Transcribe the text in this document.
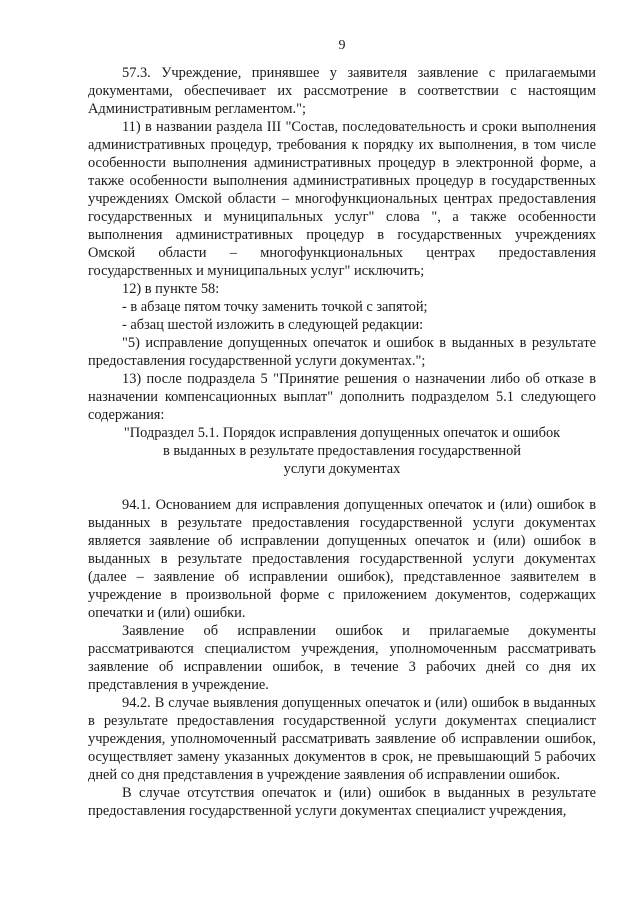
9

57.3. Учреждение, принявшее у заявителя заявление с прилагаемыми документами, обеспечивает их рассмотрение в соответствии с настоящим Административным регламентом.";

11) в названии раздела III "Состав, последовательность и сроки выполнения административных процедур, требования к порядку их выполнения, в том числе особенности выполнения административных процедур в электронной форме, а также особенности выполнения административных процедур в государственных учреждениях Омской области – многофункциональных центрах предоставления государственных и муниципальных услуг" слова ", а также особенности выполнения административных процедур в государственных учреждениях Омской области – многофункциональных центрах предоставления государственных и муниципальных услуг" исключить;

12) в пункте 58:

- в абзаце пятом точку заменить точкой с запятой;

- абзац шестой изложить в следующей редакции:

"5) исправление допущенных опечаток и ошибок в выданных в результате предоставления государственной услуги документах.";

13) после подраздела 5 "Принятие решения о назначении либо об отказе в назначении компенсационных выплат" дополнить подразделом 5.1 следующего содержания:

"Подраздел 5.1. Порядок исправления допущенных опечаток и ошибок
в выданных в результате предоставления государственной
услуги документах

94.1. Основанием для исправления допущенных опечаток и (или) ошибок в выданных в результате предоставления государственной услуги документах является заявление об исправлении допущенных опечаток и (или) ошибок в выданных в результате предоставления государственной услуги документах (далее – заявление об исправлении ошибок), представленное заявителем в учреждение в произвольной форме с приложением документов, содержащих опечатки и (или) ошибки.

Заявление об исправлении ошибок и прилагаемые документы рассматриваются специалистом учреждения, уполномоченным рассматривать заявление об исправлении ошибок, в течение 3 рабочих дней со дня их представления в учреждение.

94.2. В случае выявления допущенных опечаток и (или) ошибок в выданных в результате предоставления государственной услуги документах специалист учреждения, уполномоченный рассматривать заявление об исправлении ошибок, осуществляет замену указанных документов в срок, не превышающий 5 рабочих дней со дня представления в учреждение заявления об исправлении ошибок.

В случае отсутствия опечаток и (или) ошибок в выданных в результате предоставления государственной услуги документах специалист учреждения,
